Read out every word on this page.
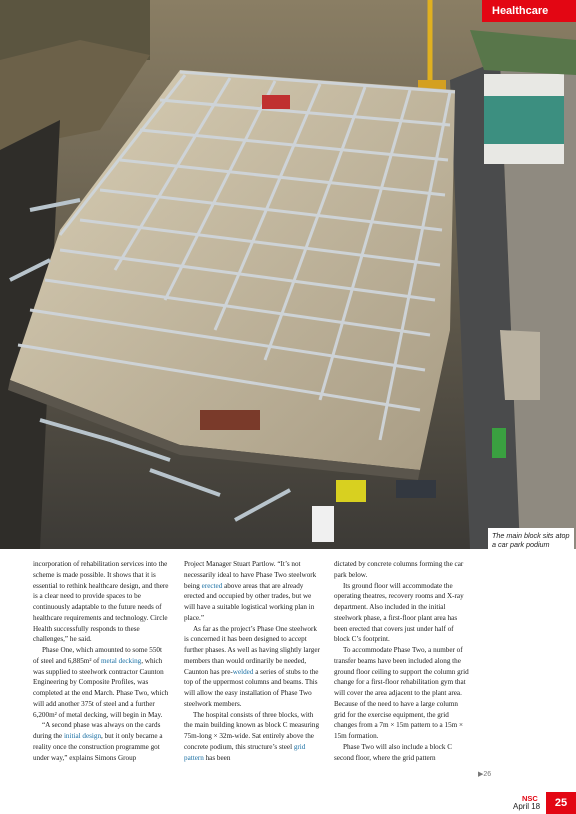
Healthcare
The main block sits atop a car park podium

incorporation of rehabilitation services into the scheme is made possible. It shows that it is essential to rethink healthcare design, and there is a clear need to provide spaces to be continuously adaptable to the future needs of healthcare requirements and technology. Circle Health successfully responds to these challenges,” he said.

Phase One, which amounted to some 550t of steel and 6,885m² of metal decking, which was supplied to steelwork contractor Caunton Engineering by Composite Profiles, was completed at the end March. Phase Two, which will add another 375t of steel and a further 6,200m² of metal decking, will begin in May.

“A second phase was always on the cards during the initial design, but it only became a reality once the construction programme got under way,” explains Simons Group

Project Manager Stuart Partlow. “It’s not necessarily ideal to have Phase Two steelwork being erected above areas that are already erected and occupied by other trades, but we will have a suitable logistical working plan in place.”

As far as the project’s Phase One steelwork is concerned it has been designed to accept further phases. As well as having slightly larger members than would ordinarily be needed, Caunton has pre-welded a series of stubs to the top of the uppermost columns and beams. This will allow the easy installation of Phase Two steelwork members.

The hospital consists of three blocks, with the main building known as block C measuring 75m-long × 32m-wide. Sat entirely above the concrete podium, this structure’s steel grid pattern has been

dictated by concrete columns forming the car park below.

Its ground floor will accommodate the operating theatres, recovery rooms and X-ray department. Also included in the initial steelwork phase, a first-floor plant area has been erected that covers just under half of block C’s footprint.

To accommodate Phase Two, a number of transfer beams have been included along the ground floor ceiling to support the column grid change for a first-floor rehabilitation gym that will cover the area adjacent to the plant area. Because of the need to have a large column grid for the exercise equipment, the grid changes from a 7m × 15m pattern to a 15m × 15m formation.

Phase Two will also include a block C second floor, where the grid pattern

▶26
NSC
April 18	25
